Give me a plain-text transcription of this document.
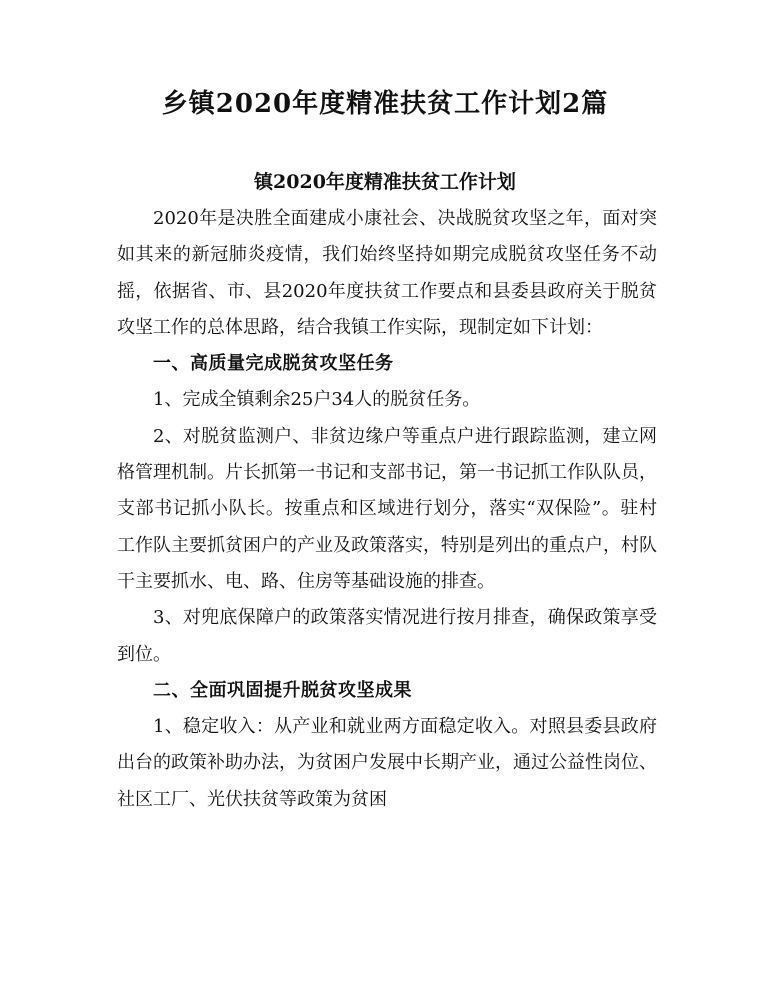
乡镇2020年度精准扶贫工作计划2篇
镇2020年度精准扶贫工作计划

2020年是决胜全面建成小康社会、决战脱贫攻坚之年，面对突如其来的新冠肺炎疫情，我们始终坚持如期完成脱贫攻坚任务不动摇，依据省、市、县2020年度扶贫工作要点和县委县政府关于脱贫攻坚工作的总体思路，结合我镇工作实际，现制定如下计划：

一、高质量完成脱贫攻坚任务

1、完成全镇剩余25户34人的脱贫任务。

2、对脱贫监测户、非贫边缘户等重点户进行跟踪监测，建立网格管理机制。片长抓第一书记和支部书记，第一书记抓工作队队员，支部书记抓小队长。按重点和区域进行划分，落实“双保险”。驻村工作队主要抓贫困户的产业及政策落实，特别是列出的重点户，村队干主要抓水、电、路、住房等基础设施的排查。

3、对兜底保障户的政策落实情况进行按月排查，确保政策享受到位。

二、全面巩固提升脱贫攻坚成果

1、稳定收入：从产业和就业两方面稳定收入。对照县委县政府出台的政策补助办法，为贫困户发展中长期产业，通过公益性岗位、社区工厂、光伏扶贫等政策为贫困
